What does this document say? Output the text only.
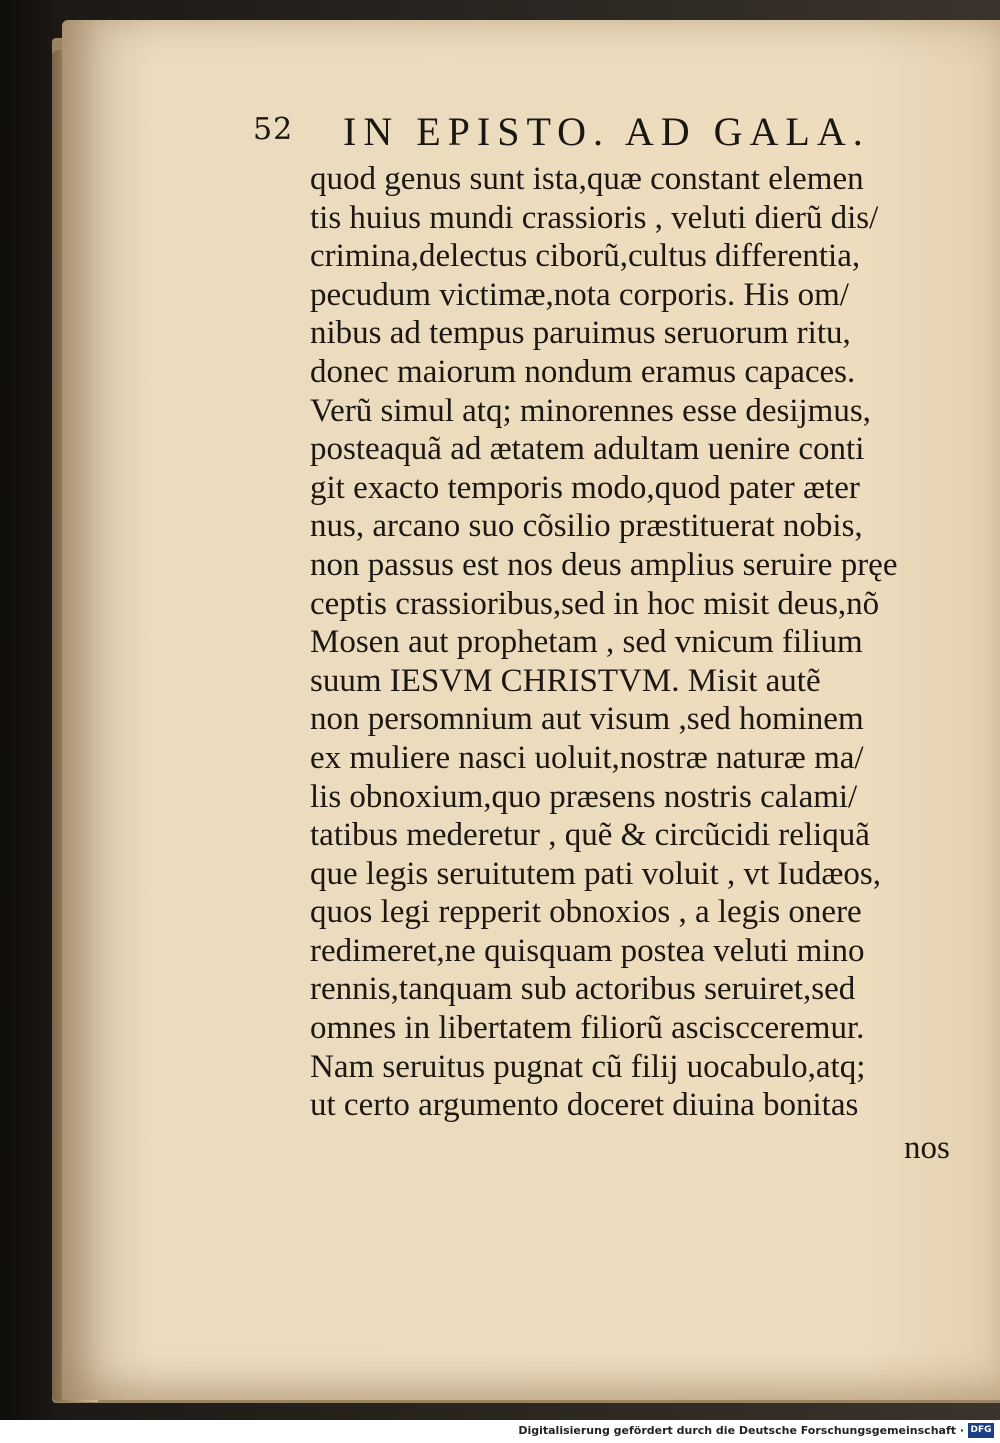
52 IN EPISTO. AD GALA.
quod genus sunt ista,quæ constant elemen
tis huius mundi crassioris , veluti dierũ dis/
crimina,delectus ciborũ,cultus differentia,
pecudum victimæ,nota corporis. His om/
nibus ad tempus paruimus seruorum ritu,
donec maiorum nondum eramus capaces.
Verũ simul atq; minorennes esse desijmus,
posteaquã ad ætatem adultam uenire conti
git exacto temporis modo,quod pater æter
nus, arcano suo cõsilio præstituerat nobis,
non passus est nos deus amplius seruire pręe
ceptis crassioribus,sed in hoc misit deus,nõ
Mosen aut prophetam , sed vnicum filium
suum IESVM CHRISTVM. Misit autẽ
non persomnium aut visum ,sed hominem
ex muliere nasci uoluit,nostræ naturæ ma/
lis obnoxium,quo præsens nostris calami/
tatibus mederetur , quẽ & circũcidi reliquã
que legis seruitutem pati voluit , vt Iudæos,
quos legi repperit obnoxios , a legis onere
redimeret,ne quisquam postea veluti mino
rennis,tanquam sub actoribus seruiret,sed
omnes in libertatem filiorũ asciscceremur.
Nam seruitus pugnat cũ filij uocabulo,atq;
ut certo argumento doceret diuina bonitas
nos
Digitalisierung gefördert durch die Deutsche Forschungsgemeinschaft · DFG
